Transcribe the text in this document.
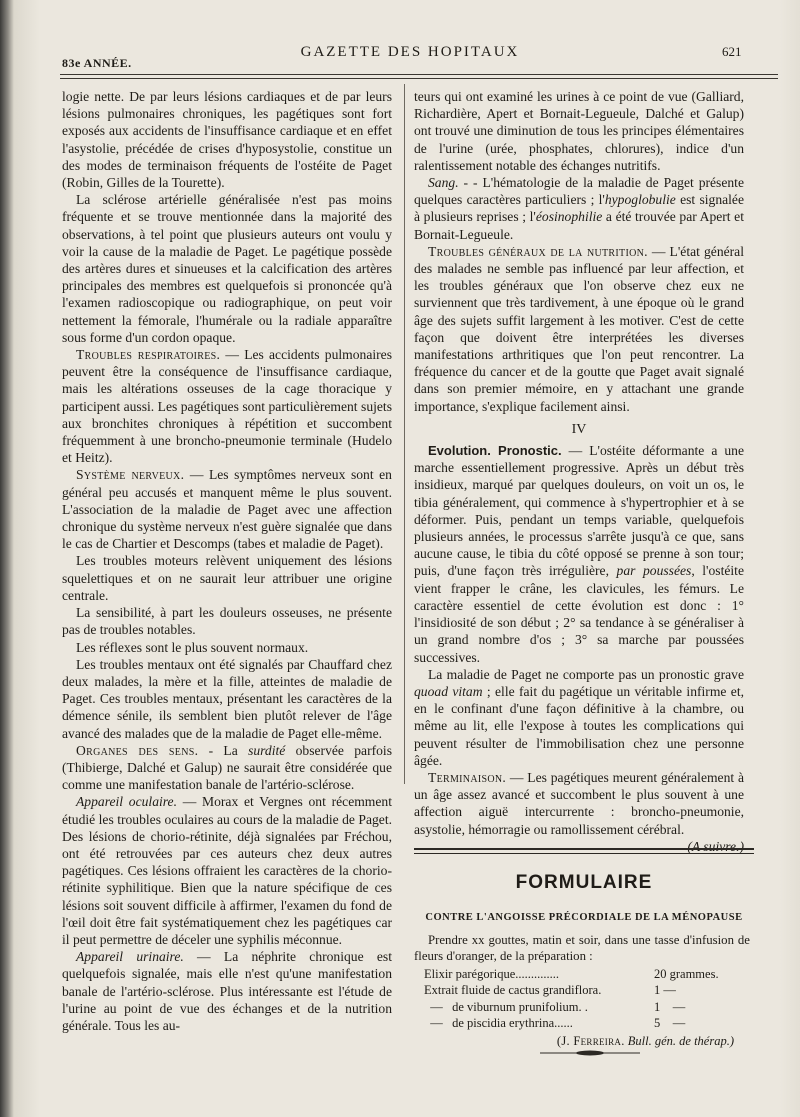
83e ANNÉE.
GAZETTE DES HOPITAUX	621

logie nette. De par leurs lésions cardiaques et de par leurs lésions pulmonaires chroniques, les pagétiques sont fort exposés aux accidents de l'insuffisance cardiaque et en effet l'asystolie, précédée de crises d'hyposystolie, constitue un des modes de terminaison fréquents de l'ostéite de Paget (Robin, Gilles de la Tourette).

La sclérose artérielle généralisée n'est pas moins fréquente et se trouve mentionnée dans la majorité des observations, à tel point que plusieurs auteurs ont voulu y voir la cause de la maladie de Paget. Le pagétique possède des artères dures et sinueuses et la calcification des artères principales des membres est quelquefois si prononcée qu'à l'examen radioscopique ou radiographique, on peut voir nettement la fémorale, l'humérale ou la radiale apparaître sous forme d'un cordon opaque.

Troubles respiratoires. — Les accidents pulmonaires peuvent être la conséquence de l'insuffisance cardiaque, mais les altérations osseuses de la cage thoracique y participent aussi. Les pagétiques sont particulièrement sujets aux bronchites chroniques à répétition et succombent fréquemment à une broncho-pneumonie terminale (Hudelo et Heitz).

Système nerveux. — Les symptômes nerveux sont en général peu accusés et manquent même le plus souvent. L'association de la maladie de Paget avec une affection chronique du système nerveux n'est guère signalée que dans le cas de Chartier et Descomps (tabes et maladie de Paget).

Les troubles moteurs relèvent uniquement des lésions squelettiques et on ne saurait leur attribuer une origine centrale.

La sensibilité, à part les douleurs osseuses, ne présente pas de troubles notables.

Les réflexes sont le plus souvent normaux.

Les troubles mentaux ont été signalés par Chauffard chez deux malades, la mère et la fille, atteintes de maladie de Paget. Ces troubles mentaux, présentant les caractères de la démence sénile, ils semblent bien plutôt relever de l'âge avancé des malades que de la maladie de Paget elle-même.

Organes des sens. - La surdité observée parfois (Thibierge, Dalché et Galup) ne saurait être considérée que comme une manifestation banale de l'artério-sclérose.

Appareil oculaire. — Morax et Vergnes ont récemment étudié les troubles oculaires au cours de la maladie de Paget. Des lésions de chorio-rétinite, déjà signalées par Fréchou, ont été retrouvées par ces auteurs chez deux autres pagétiques. Ces lésions offraient les caractères de la chorio-rétinite syphilitique. Bien que la nature spécifique de ces lésions soit souvent difficile à affirmer, l'examen du fond de l'œil doit être fait systématiquement chez les pagétiques car il peut permettre de déceler une syphilis méconnue.

Appareil urinaire. — La néphrite chronique est quelquefois signalée, mais elle n'est qu'une manifestation banale de l'artério-sclérose. Plus intéressante est l'étude de l'urine au point de vue des échanges et de la nutrition générale. Tous les au-

teurs qui ont examiné les urines à ce point de vue (Galliard, Richardière, Apert et Bornait-Legueule, Dalché et Galup) ont trouvé une diminution de tous les principes élémentaires de l'urine (urée, phosphates, chlorures), indice d'un ralentissement notable des échanges nutritifs.

Sang. - - L'hématologie de la maladie de Paget présente quelques caractères particuliers ; l'hypoglobulie est signalée à plusieurs reprises ; l'éosinophilie a été trouvée par Apert et Bornait-Legueule.

Troubles généraux de la nutrition. — L'état général des malades ne semble pas influencé par leur affection, et les troubles généraux que l'on observe chez eux ne surviennent que très tardivement, à une époque où le grand âge des sujets suffit largement à les motiver. C'est de cette façon que doivent être interprétées les diverses manifestations arthritiques que l'on peut rencontrer. La fréquence du cancer et de la goutte que Paget avait signalé dans son premier mémoire, en y attachant une grande importance, s'explique facilement ainsi.

IV

Evolution. Pronostic. — L'ostéite déformante a une marche essentiellement progressive. Après un début très insidieux, marqué par quelques douleurs, on voit un os, le tibia généralement, qui commence à s'hypertrophier et à se déformer. Puis, pendant un temps variable, quelquefois plusieurs années, le processus s'arrête jusqu'à ce que, sans aucune cause, le tibia du côté opposé se prenne à son tour; puis, d'une façon très irrégulière, par poussées, l'ostéite vient frapper le crâne, les clavicules, les fémurs. Le caractère essentiel de cette évolution est donc : 1° l'insidiosité de son début ; 2° sa tendance à se généraliser à un grand nombre d'os ; 3° sa marche par poussées successives.

La maladie de Paget ne comporte pas un pronostic grave quoad vitam ; elle fait du pagétique un véritable infirme et, en le confinant d'une façon définitive à la chambre, ou même au lit, elle l'expose à toutes les complications qui peuvent résulter de l'immobilisation chez une personne âgée.

Terminaison. — Les pagétiques meurent généralement à un âge assez avancé et succombent le plus souvent à une affection aiguë intercurrente : broncho-pneumonie, asystolie, hémorragie ou ramollissement cérébral.

(A suivre.)
FORMULAIRE
CONTRE L'ANGOISSE PRÉCORDIALE DE LA MÉNOPAUSE
Prendre xx gouttes, matin et soir, dans une tasse d'infusion de fleurs d'oranger, de la préparation :
Elixir parégorique..............	20 grammes.
Extrait fluide de cactus grandiflora.	1 —
—   de viburnum prunifolium. .	1    —
—   de piscidia erythrina......	5    —
(J. Ferreira. Bull. gén. de thérap.)
